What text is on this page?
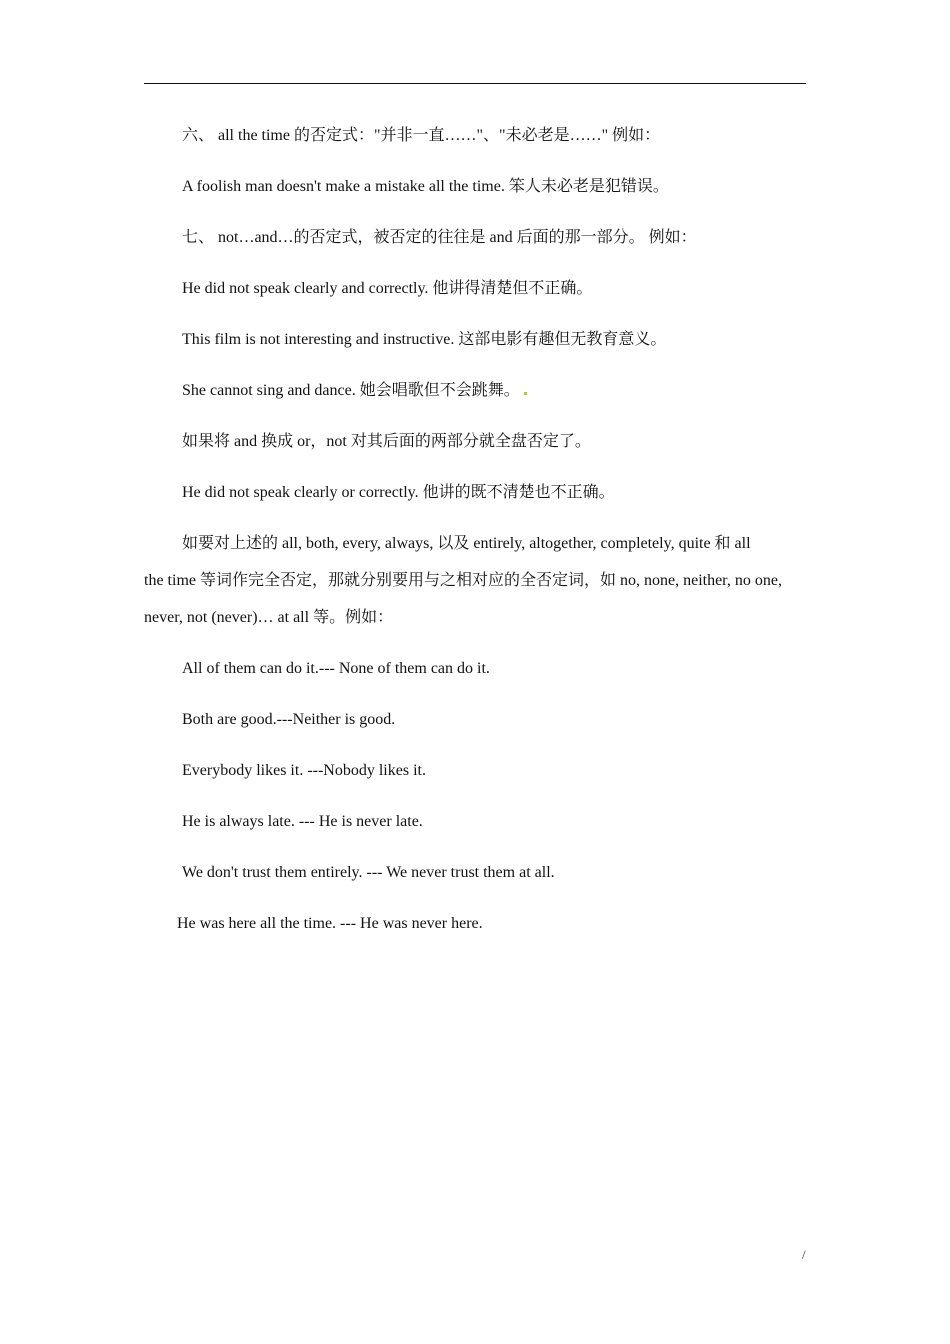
六、 all the time 的否定式："并非一直……"、"未必老是……" 例如：
A foolish man doesn't make a mistake all the time. 笨人未必老是犯错误。
七、 not…and…的否定式，被否定的往往是 and 后面的那一部分。 例如：
He did not speak clearly and correctly. 他讲得清楚但不正确。
This film is not interesting and instructive. 这部电影有趣但无教育意义。
She cannot sing and dance. 她会唱歌但不会跳舞。
如果将 and 换成 or，not 对其后面的两部分就全盘否定了。
He did not speak clearly or correctly. 他讲的既不清楚也不正确。
如要对上述的 all, both, every, always, 以及 entirely, altogether, completely, quite 和 all
the time 等词作完全否定，那就分别要用与之相对应的全否定词，如 no, none, neither, no one,
never, not (never)… at all 等。例如：
All of them can do it.--- None of them can do it.
Both are good.---Neither is good.
Everybody likes it. ---Nobody likes it.
He is always late. --- He is never late.
We don't trust them entirely. --- We never trust them at all.
He was here all the time. --- He was never here.
/
